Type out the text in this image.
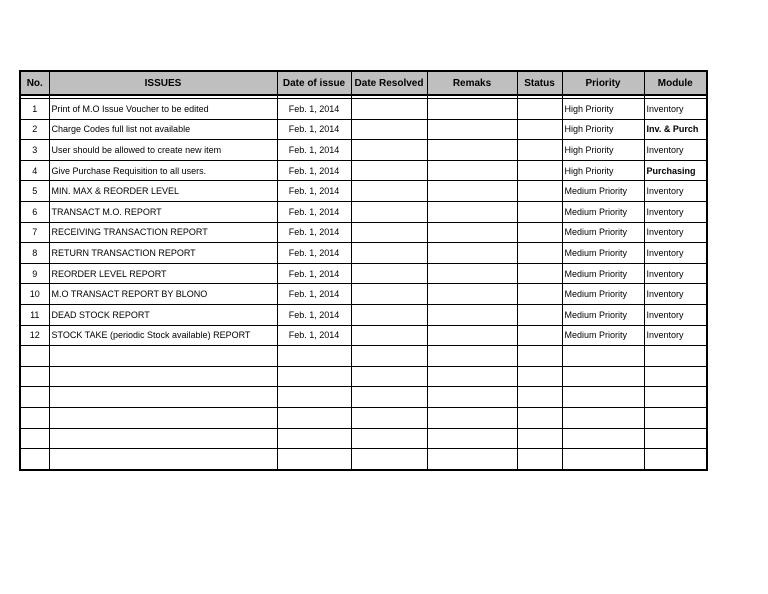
No.	ISSUES	Date of issue	Date Resolved	Remaks	Status	Priority	Module

1	Print of M.O Issue Voucher to be edited	Feb. 1, 2014				High Priority	Inventory
2	Charge Codes full list not available	Feb. 1, 2014				High Priority	Inv. & Purch
3	User should be allowed to create new item	Feb. 1, 2014				High Priority	Inventory
4	Give Purchase Requisition to all users.	Feb. 1, 2014				High Priority	Purchasing
5	MIN. MAX & REORDER LEVEL	Feb. 1, 2014				Medium Priority	Inventory
6	TRANSACT M.O. REPORT	Feb. 1, 2014				Medium Priority	Inventory
7	RECEIVING TRANSACTION REPORT	Feb. 1, 2014				Medium Priority	Inventory
8	RETURN TRANSACTION REPORT	Feb. 1, 2014				Medium Priority	Inventory
9	REORDER LEVEL REPORT	Feb. 1, 2014				Medium Priority	Inventory
10	M.O TRANSACT REPORT BY BLONO	Feb. 1, 2014				Medium Priority	Inventory
11	DEAD STOCK REPORT	Feb. 1, 2014				Medium Priority	Inventory
12	STOCK TAKE (periodic Stock available) REPORT	Feb. 1, 2014				Medium Priority	Inventory
